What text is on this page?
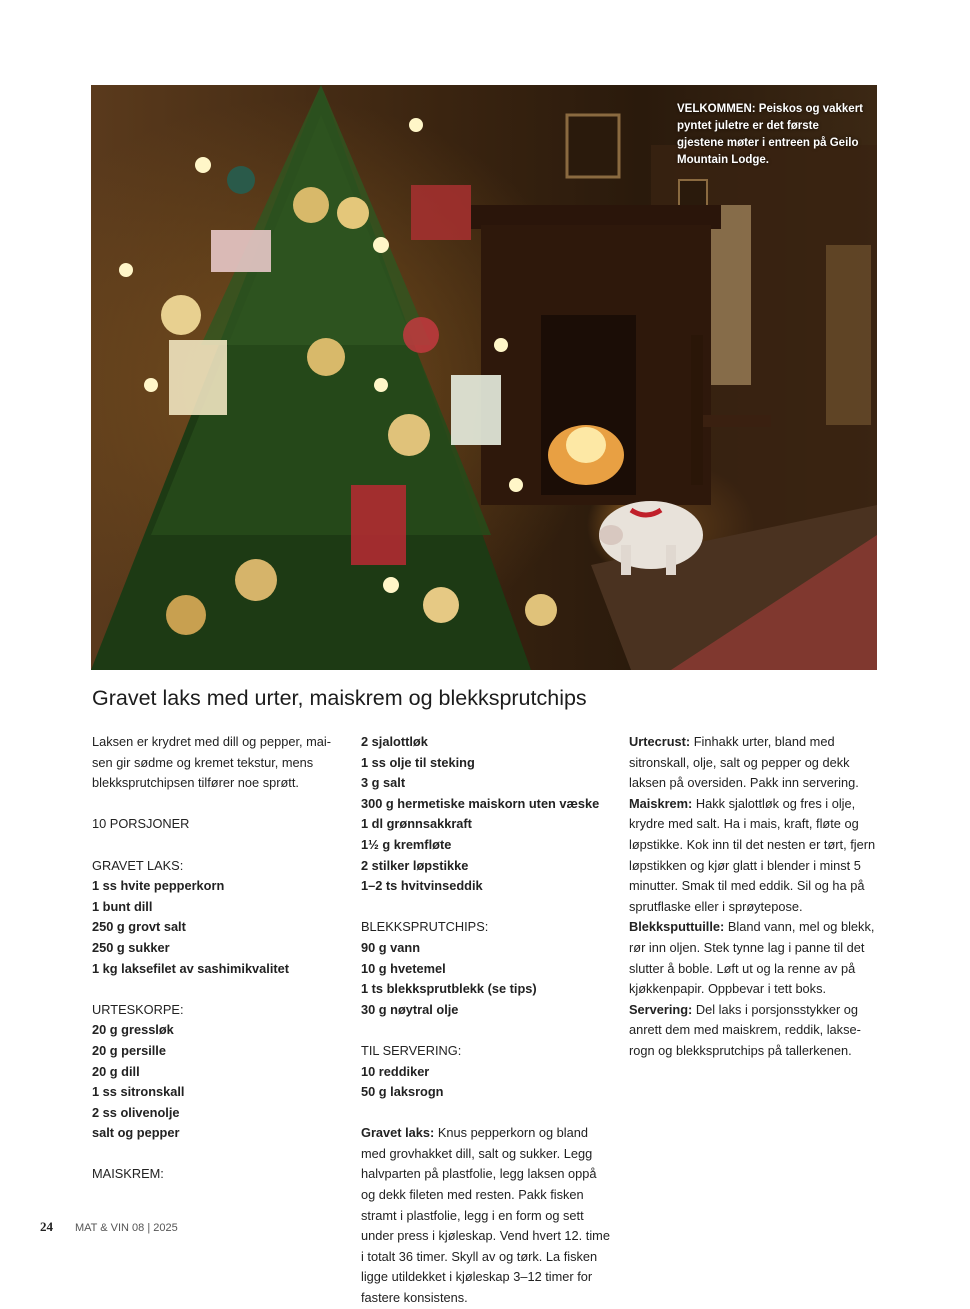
VELKOMMEN: Peiskos og vakkert pyntet juletre er det første gjestene møter i entreen på Geilo Mountain Lodge.
Gravet laks med urter, maiskrem og blekksprutchips

Laksen er krydret med dill og pepper, mai-sen gir sødme og kremet tekstur, mens blekksprutchipsen tilfører noe sprøtt.

10 PORSJONER

GRAVET LAKS:

1 ss hvite pepperkorn

1 bunt dill

250 g grovt salt

250 g sukker

1 kg laksefilet av sashimikvalitet

URTESKORPE:

20 g gressløk

20 g persille

20 g dill

1 ss sitronskall

2 ss olivenolje

salt og pepper

MAISKREM:

2 sjalottløk

1 ss olje til steking

3 g salt

300 g hermetiske maiskorn uten væske

1 dl grønnsakkraft

1½ g kremfløte

2 stilker løpstikke

1–2 ts hvitvinseddik

BLEKKSPRUTCHIPS:

90 g vann

10 g hvetemel

1 ts blekksprutblekk (se tips)

30 g nøytral olje

TIL SERVERING:

10 reddiker

50 g laksrogn

Gravet laks: Knus pepperkorn og bland med grovhakket dill, salt og sukker. Legg halvparten på plastfolie, legg laksen oppå og dekk fileten med resten. Pakk fisken stramt i plastfolie, legg i en form og sett under press i kjøleskap. Vend hvert 12. time i totalt 36 timer. Skyll av og tørk. La fisken ligge utildekket i kjøleskap 3–12 timer for fastere konsistens.

Urtecrust: Finhakk urter, bland med sitronskall, olje, salt og pepper og dekk laksen på oversiden. Pakk inn servering.

Maiskrem: Hakk sjalottløk og fres i olje, krydre med salt. Ha i mais, kraft, fløte og løpstikke. Kok inn til det nesten er tørt, fjern løpstikken og kjør glatt i blender i minst 5 minutter. Smak til med eddik. Sil og ha på sprutflaske eller i sprøytepose.

Blekksputtuille: Bland vann, mel og blekk, rør inn oljen. Stek tynne lag i panne til det slutter å boble. Løft ut og la renne av på kjøkkenpapir. Oppbevar i tett boks.

Servering: Del laks i porsjonsstykker og anrett dem med maiskrem, reddik, lakse-rogn og blekksprutchips på tallerkenen.

24 MAT & VIN 08 | 2025
